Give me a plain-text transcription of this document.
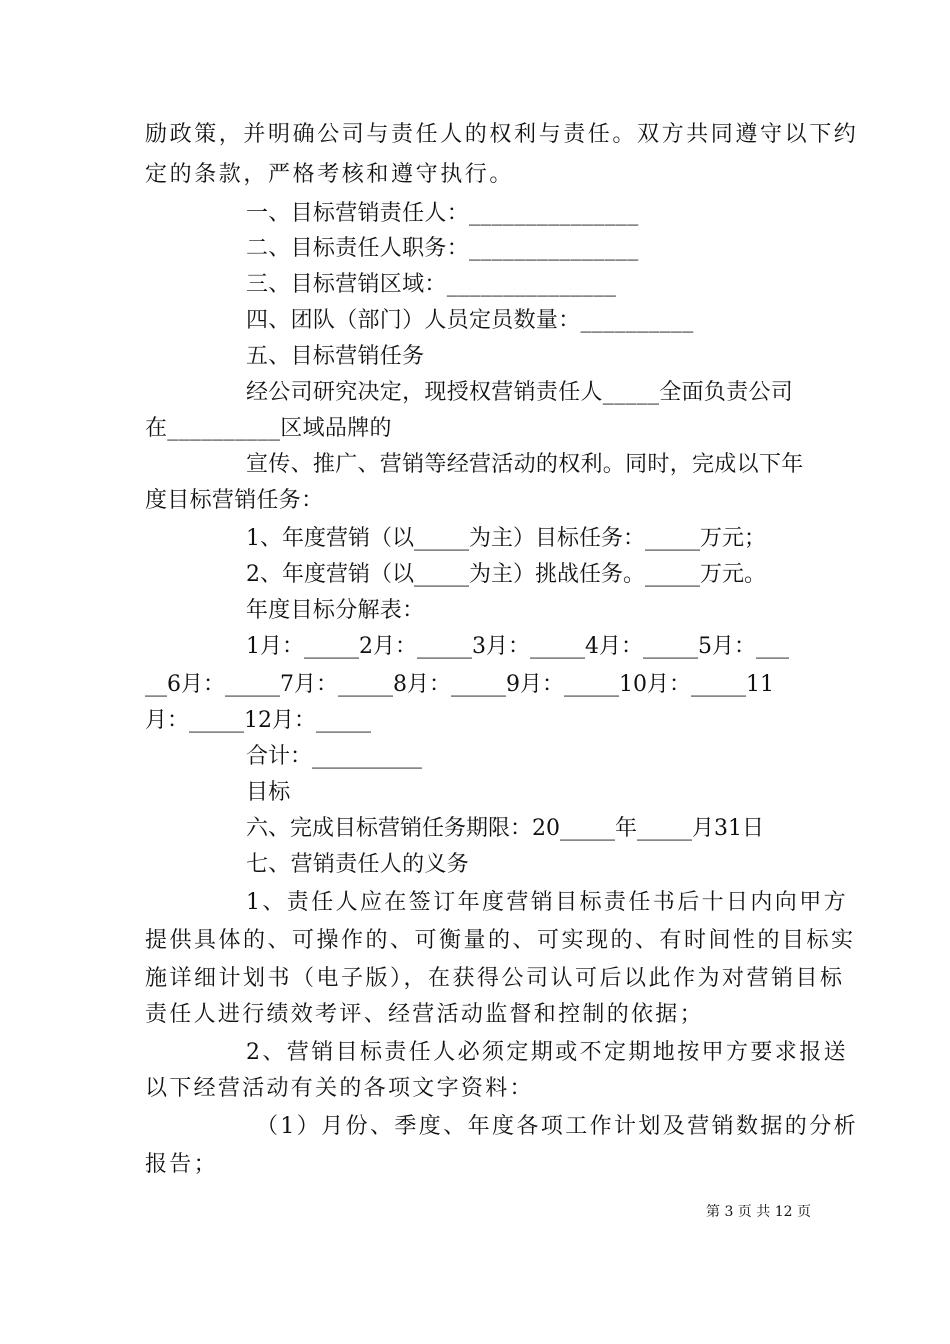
励政策，并明确公司与责任人的权利与责任。双方共同遵守以下约
定的条款，严格考核和遵守执行。
一、目标营销责任人：_______________
二、目标责任人职务：_______________
三、目标营销区域：_______________
四、团队（部门）人员定员数量：__________
五、目标营销任务
经公司研究决定，现授权营销责任人_____全面负责公司
在__________区域品牌的
宣传、推广、营销等经营活动的权利。同时，完成以下年
度目标营销任务：
1、年度营销（以_____为主）目标任务：_____万元；
2、年度营销（以_____为主）挑战任务。_____万元。
年度目标分解表：
1月：_____2月：_____3月：_____4月：_____5月：___
__6月：_____7月：_____8月：_____9月：_____10月：_____11
月：_____12月：_____
合计：__________
目标
六、完成目标营销任务期限：20_____年_____月31日
七、营销责任人的义务
1、责任人应在签订年度营销目标责任书后十日内向甲方
提供具体的、可操作的、可衡量的、可实现的、有时间性的目标实
施详细计划书（电子版），在获得公司认可后以此作为对营销目标
责任人进行绩效考评、经营活动监督和控制的依据；
2、营销目标责任人必须定期或不定期地按甲方要求报送
以下经营活动有关的各项文字资料：
（1）月份、季度、年度各项工作计划及营销数据的分析
报告；
第 3 页 共 12 页
